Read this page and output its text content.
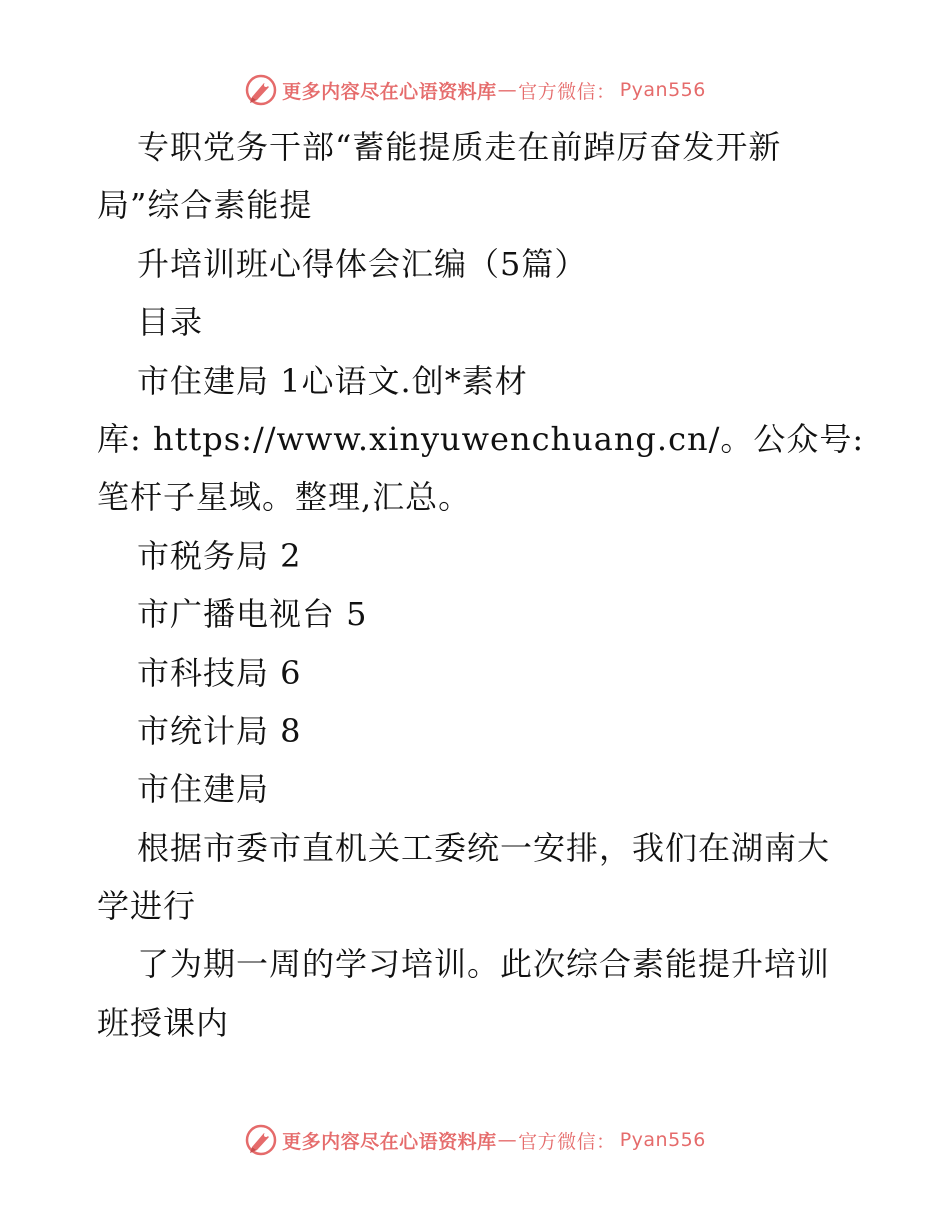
更多内容尽在心语资料库 — 官方微信： Pyan556
专职党务干部“蓄能提质走在前踔厉奋发开新
局”综合素能提
升培训班心得体会汇编（5篇）
目录
市住建局 1心语文.创*素材
库: https://www.xinyuwenchuang.cn/。公众号:
笔杆子星域。整理,汇总。
市税务局 2
市广播电视台 5
市科技局 6
市统计局 8
市住建局
根据市委市直机关工委统一安排，我们在湖南大
学进行
了为期一周的学习培训。此次综合素能提升培训
班授课内
更多内容尽在心语资料库 — 官方微信： Pyan556
